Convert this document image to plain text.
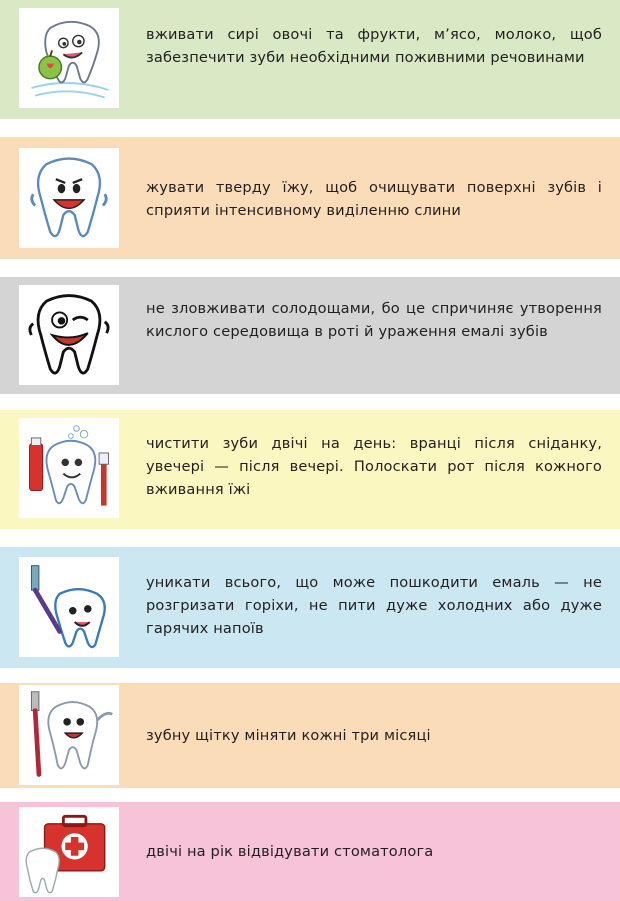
вживати сирі овочі та фрукти, м’ясо, молоко, щоб забезпечити зуби необхідними поживними речовинами
жувати тверду їжу, щоб очищувати поверхні зубів і сприяти інтенсивному виділенню слини
не зловживати солодощами, бо це спричиняє утворення кислого середовища в роті й ураження емалі зубів
чистити зуби двічі на день: вранці після сніданку, увечері — після вечері. Полоскати рот після кожного вживання їжі
уникати всього, що може пошкодити емаль — не розгризати горіхи, не пити дуже холодних або дуже гарячих напоїв
зубну щітку міняти кожні три місяці
двічі на рік відвідувати стоматолога
